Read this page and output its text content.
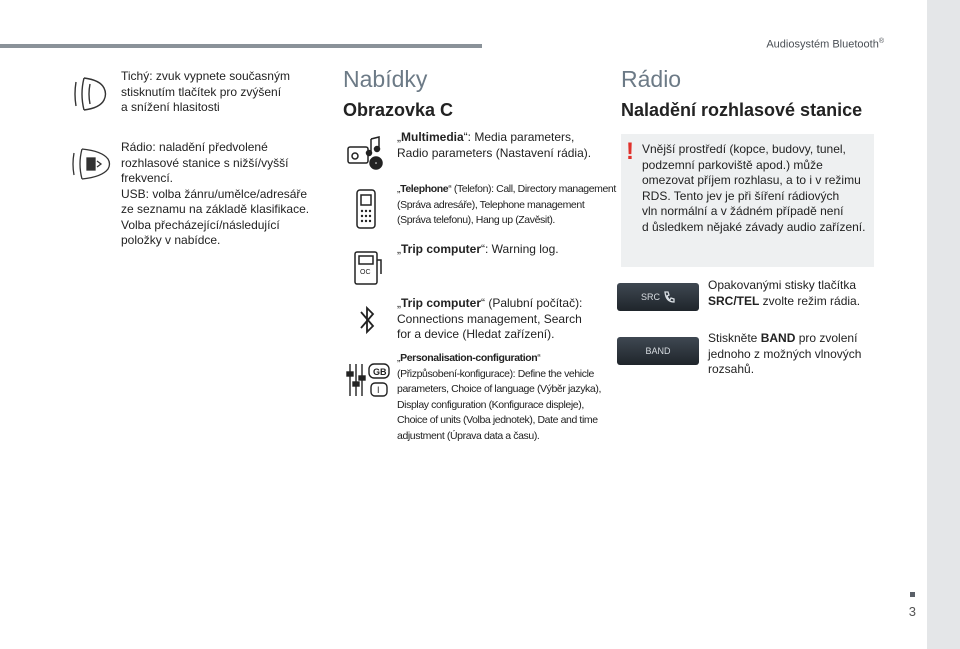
Audiosystém Bluetooth®
3
Tichý: zvuk vypnete současným
stisknutím tlačítek pro zvýšení
a snížení hlasitosti
Rádio: naladění předvolené
rozhlasové stanice s nižší/vyšší
frekvencí.
USB: volba žánru/umělce/adresáře
ze seznamu na základě klasifikace.
Volba přecházející/následující
položky v nabídce.
Nabídky
Obrazovka C
„Multimedia“: Media parameters,
Radio parameters (Nastavení rádia).
„Telephone“ (Telefon): Call, Directory management
(Správa adresáře), Telephone management
(Správa telefonu), Hang up (Zavěsit).
OC
„Trip computer“: Warning log.
„Trip computer“ (Palubní počítač):
Connections management, Search
for a device (Hledat zařízení).
GB
I
„Personalisation-configuration“
(Přizpůsobení-konfigurace): Define the vehicle
parameters, Choice of language (Výběr jazyka),
Display configuration (Konfigurace displeje),
Choice of units (Volba jednotek), Date and time
adjustment (Úprava data a času).
Rádio
Naladění rozhlasové stanice
! Vnější prostředí (kopce, budovy, tunel,
podzemní parkoviště apod.) může
omezovat příjem rozhlasu, a to i v režimu
RDS. Tento jev je při šíření rádiových
vln normální a v žádném případě není
d ůsledkem nějaké závady audio zařízení.
SRC
Opakovanými stisky tlačítka
SRC/TEL zvolte režim rádia.
BAND
Stiskněte BAND pro zvolení
jednoho z možných vlnových
rozsahů.
